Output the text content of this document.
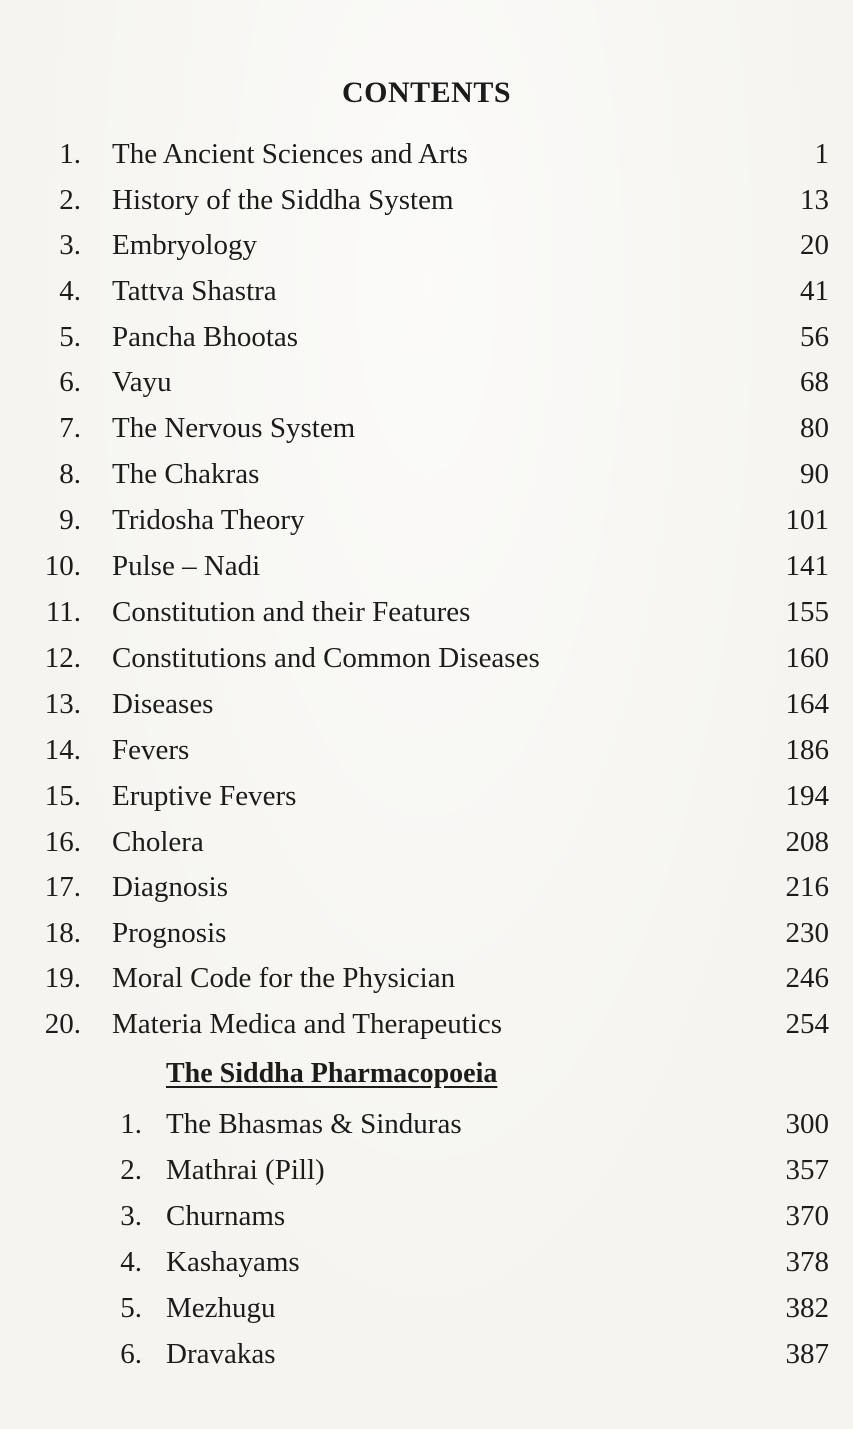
CONTENTS
1. The Ancient Sciences and Arts	1
2. History of the Siddha System	13
3. Embryology	20
4. Tattva Shastra	41
5. Pancha Bhootas	56
6. Vayu	68
7. The Nervous System	80
8. The Chakras	90
9. Tridosha Theory	101
10. Pulse – Nadi	141
11. Constitution and their Features	155
12. Constitutions and Common Diseases	160
13. Diseases	164
14. Fevers	186
15. Eruptive Fevers	194
16. Cholera	208
17. Diagnosis	216
18. Prognosis	230
19. Moral Code for the Physician	246
20. Materia Medica and Therapeutics	254
The Siddha Pharmacopoeia
1. The Bhasmas & Sinduras	300
2. Mathrai (Pill)	357
3. Churnams	370
4. Kashayams	378
5. Mezhugu	382
6. Dravakas	387
